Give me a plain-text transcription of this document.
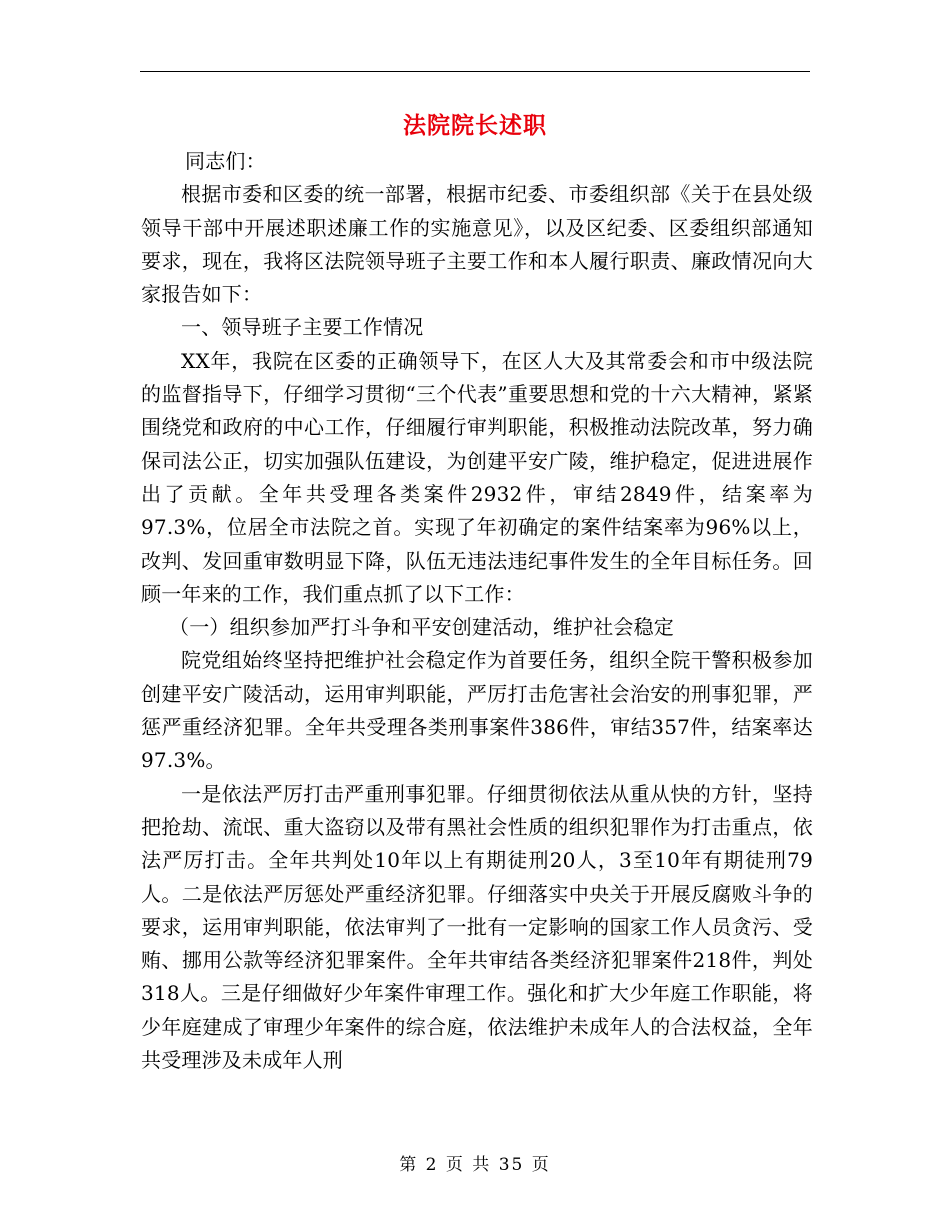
法院院长述职

同志们：

根据市委和区委的统一部署，根据市纪委、市委组织部《关于在县处级领导干部中开展述职述廉工作的实施意见》，以及区纪委、区委组织部通知要求，现在，我将区法院领导班子主要工作和本人履行职责、廉政情况向大家报告如下：

一、领导班子主要工作情况

XX年，我院在区委的正确领导下，在区人大及其常委会和市中级法院的监督指导下，仔细学习贯彻“三个代表”重要思想和党的十六大精神，紧紧围绕党和政府的中心工作，仔细履行审判职能，积极推动法院改革，努力确保司法公正，切实加强队伍建设，为创建平安广陵，维护稳定，促进进展作出了贡献。全年共受理各类案件2932件，审结2849件，结案率为97.3%，位居全市法院之首。实现了年初确定的案件结案率为96%以上，改判、发回重审数明显下降，队伍无违法违纪事件发生的全年目标任务。回顾一年来的工作，我们重点抓了以下工作：

（一）组织参加严打斗争和平安创建活动，维护社会稳定

院党组始终坚持把维护社会稳定作为首要任务，组织全院干警积极参加创建平安广陵活动，运用审判职能，严厉打击危害社会治安的刑事犯罪，严惩严重经济犯罪。全年共受理各类刑事案件386件，审结357件，结案率达97.3%。

一是依法严厉打击严重刑事犯罪。仔细贯彻依法从重从快的方针，坚持把抢劫、流氓、重大盗窃以及带有黑社会性质的组织犯罪作为打击重点，依法严厉打击。全年共判处10年以上有期徒刑20人，3至10年有期徒刑79人。二是依法严厉惩处严重经济犯罪。仔细落实中央关于开展反腐败斗争的要求，运用审判职能，依法审判了一批有一定影响的国家工作人员贪污、受贿、挪用公款等经济犯罪案件。全年共审结各类经济犯罪案件218件，判处318人。三是仔细做好少年案件审理工作。强化和扩大少年庭工作职能，将少年庭建成了审理少年案件的综合庭，依法维护未成年人的合法权益，全年共受理涉及未成年人刑

第 2 页 共 35 页
